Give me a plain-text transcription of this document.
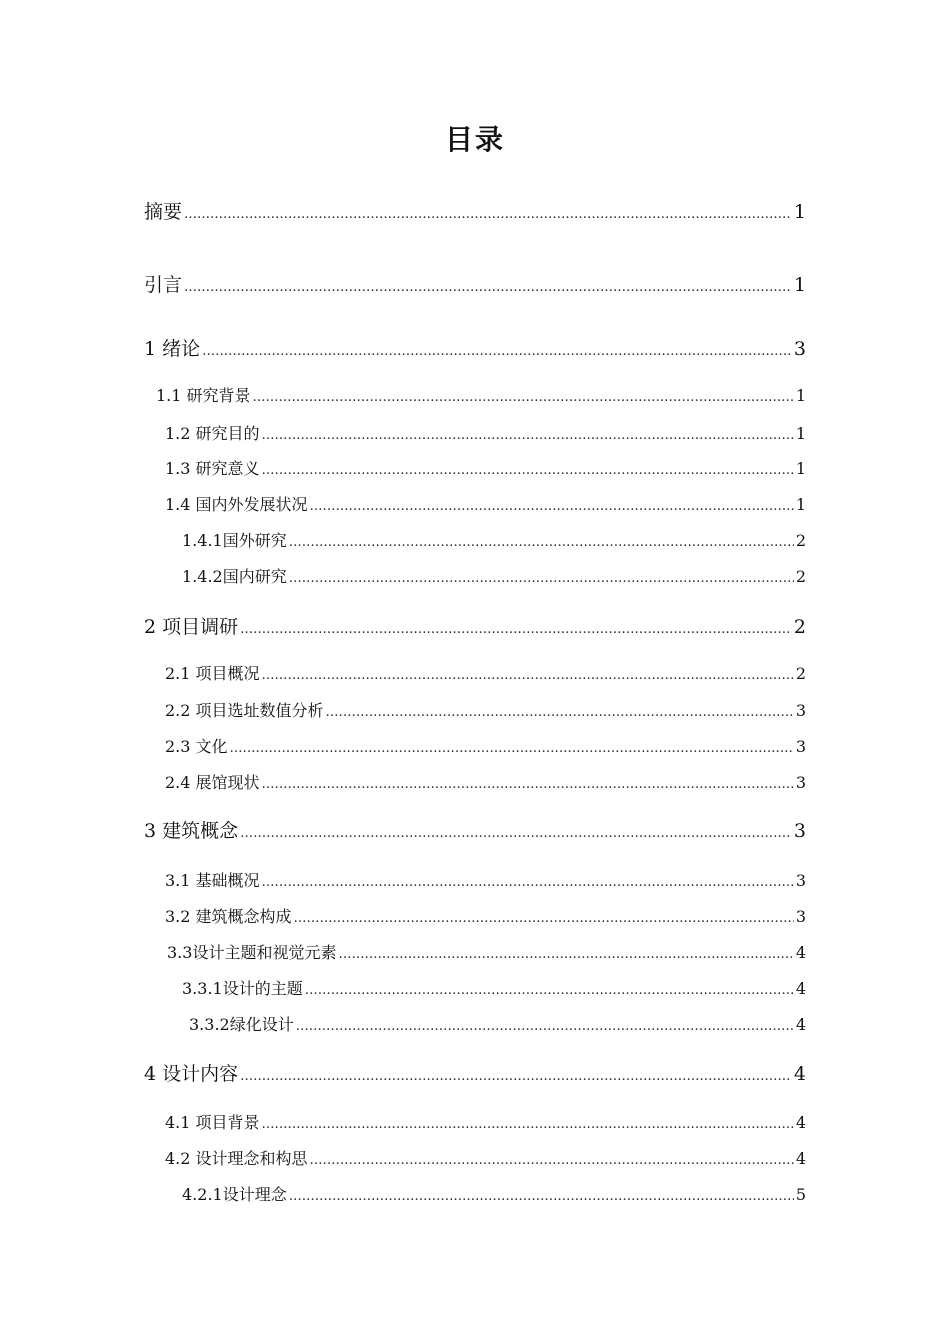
目录
摘要 ……………………………………………………………………………………………………………………………………………………………………………………………………………………………	1
引言 ……………………………………………………………………………………………………………………………………………………………………………………………………………………………	1
1 绪论 ……………………………………………………………………………………………………………………………………………………………………………………………………………………………	3
1.1 研究背景 ……………………………………………………………………………………………………………………………………………………………………………………………………………………………	1
1.2 研究目的 ……………………………………………………………………………………………………………………………………………………………………………………………………………………………	1
1.3 研究意义 ……………………………………………………………………………………………………………………………………………………………………………………………………………………………	1
1.4 国内外发展状况 ……………………………………………………………………………………………………………………………………………………………………………………………………………………………	1
1.4.1国外研究 ……………………………………………………………………………………………………………………………………………………………………………………………………………………………	2
1.4.2国内研究 ……………………………………………………………………………………………………………………………………………………………………………………………………………………………	2
2 项目调研 ……………………………………………………………………………………………………………………………………………………………………………………………………………………………	2
2.1 项目概况 ……………………………………………………………………………………………………………………………………………………………………………………………………………………………	2
2.2 项目选址数值分析 ……………………………………………………………………………………………………………………………………………………………………………………………………………………………	3
2.3 文化 ……………………………………………………………………………………………………………………………………………………………………………………………………………………………	3
2.4 展馆现状 ……………………………………………………………………………………………………………………………………………………………………………………………………………………………	3
3 建筑概念 ……………………………………………………………………………………………………………………………………………………………………………………………………………………………	3
3.1 基础概况 ……………………………………………………………………………………………………………………………………………………………………………………………………………………………	3
3.2 建筑概念构成 ……………………………………………………………………………………………………………………………………………………………………………………………………………………………	3
3.3设计主题和视觉元素 ……………………………………………………………………………………………………………………………………………………………………………………………………………………………	4
3.3.1设计的主题 ……………………………………………………………………………………………………………………………………………………………………………………………………………………………	4
3.3.2绿化设计 ……………………………………………………………………………………………………………………………………………………………………………………………………………………………	4
4 设计内容 ……………………………………………………………………………………………………………………………………………………………………………………………………………………………	4
4.1 项目背景 ……………………………………………………………………………………………………………………………………………………………………………………………………………………………	4
4.2 设计理念和构思 ……………………………………………………………………………………………………………………………………………………………………………………………………………………………	4
4.2.1设计理念 ……………………………………………………………………………………………………………………………………………………………………………………………………………………………	5
